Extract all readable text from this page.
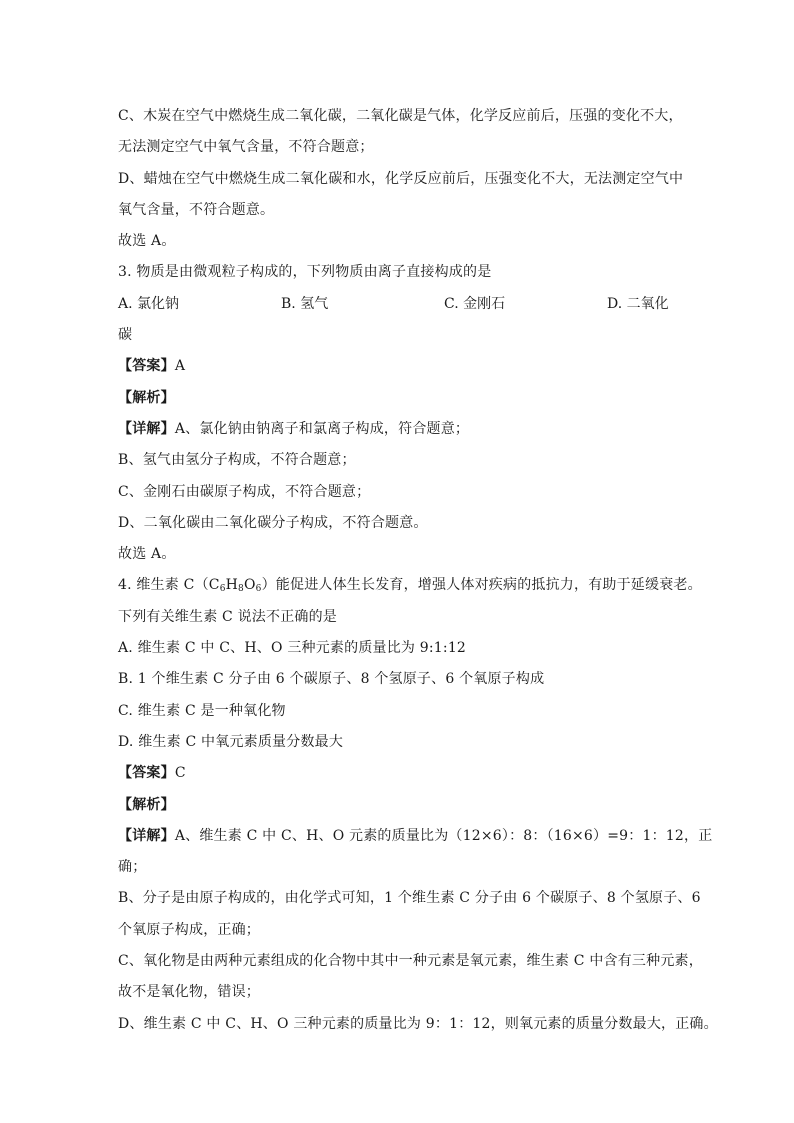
C、木炭在空气中燃烧生成二氧化碳，二氧化碳是气体，化学反应前后，压强的变化不大，
无法测定空气中氧气含量，不符合题意；
D、蜡烛在空气中燃烧生成二氧化碳和水，化学反应前后，压强变化不大，无法测定空气中
氧气含量，不符合题意。
故选 A。
3. 物质是由微观粒子构成的，下列物质由离子直接构成的是
A. 氯化钠	B. 氢气	C. 金刚石	D. 二氧化
碳
【答案】A
【解析】
【详解】A、氯化钠由钠离子和氯离子构成，符合题意；
B、氢气由氢分子构成，不符合题意；
C、金刚石由碳原子构成，不符合题意；
D、二氧化碳由二氧化碳分子构成，不符合题意。
故选 A。
4. 维生素 $C(C_6H_8O_6)$能促进人体生长发育，增强人体对疾病的抵抗力，有助于延缓衰老。
下列有关维生素 C 说法不正确的是
A. 维生素 C 中 C、H、O 三种元素的质量比为 9:1:12
B. 1 个维生素 C 分子由 6 个碳原子、8 个氢原子、6 个氧原子构成
C. 维生素 C 是一种氧化物
D. 维生素 C 中氧元素质量分数最大
【答案】C
【解析】
【详解】A、维生素 C 中 C、H、O 元素的质量比为（12×6）：8：（16×6）=9：1：12，正
确；
B、分子是由原子构成的，由化学式可知，1 个维生素 C 分子由 6 个碳原子、8 个氢原子、6
个氧原子构成，正确；
C、氧化物是由两种元素组成的化合物中其中一种元素是氧元素，维生素 C 中含有三种元素，
故不是氧化物，错误；
D、维生素 C 中 C、H、O 三种元素的质量比为 9：1：12，则氧元素的质量分数最大，正确。
